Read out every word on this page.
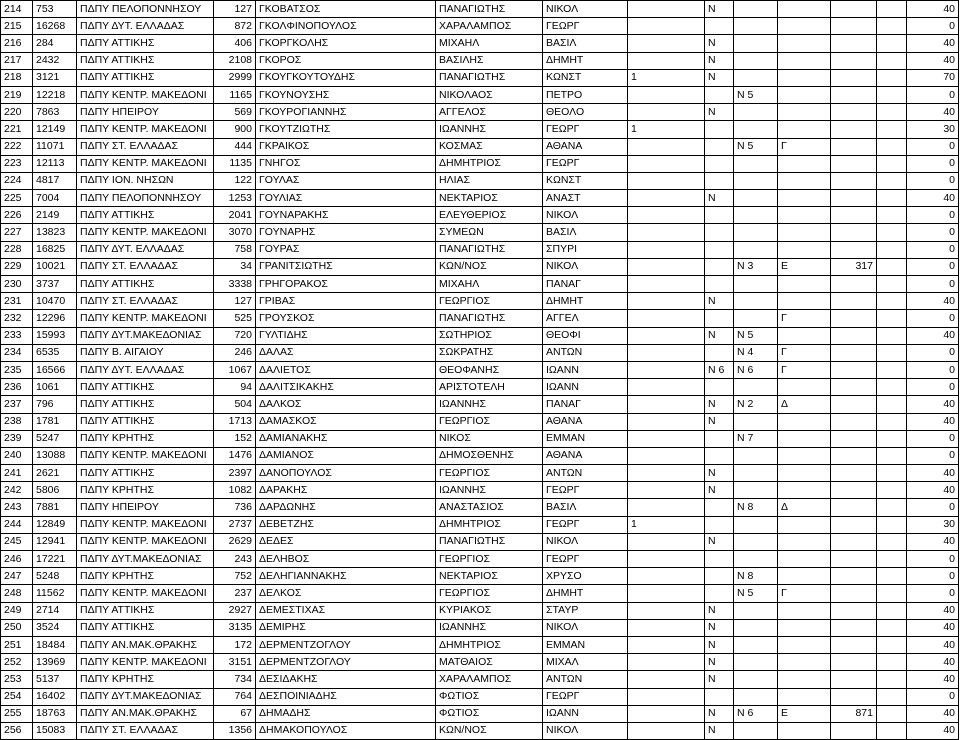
214	753	ΠΔΠΥ ΠΕΛΟΠΟΝΝΗΣΟΥ	127	ΓΚΟΒΑΤΣΟΣ	ΠΑΝΑΓΙΩΤΗΣ	ΝΙΚΟΛ		Ν					40
215	16268	ΠΔΠΥ ΔΥΤ. ΕΛΛΑΔΑΣ	872	ΓΚΟΛΦΙΝΟΠΟΥΛΟΣ	ΧΑΡΑΛΑΜΠΟΣ	ΓΕΩΡΓ							0
216	284	ΠΔΠΥ ΑΤΤΙΚΗΣ	406	ΓΚΟΡΓΚΟΛΗΣ	ΜΙΧΑΗΛ	ΒΑΣΙΛ		Ν					40
217	2432	ΠΔΠΥ ΑΤΤΙΚΗΣ	2108	ΓΚΟΡΟΣ	ΒΑΣΙΛΗΣ	ΔΗΜΗΤ		Ν					40
218	3121	ΠΔΠΥ ΑΤΤΙΚΗΣ	2999	ΓΚΟΥΓΚΟΥΤΟΥΔΗΣ	ΠΑΝΑΓΙΩΤΗΣ	ΚΩΝΣΤ	1	Ν					70
219	12218	ΠΔΠΥ ΚΕΝΤΡ. ΜΑΚΕΔΟΝΙ	1165	ΓΚΟΥΝΟΥΣΗΣ	ΝΙΚΟΛΑΟΣ	ΠΕΤΡΟ			Ν 5				0
220	7863	ΠΔΠΥ ΗΠΕΙΡΟΥ	569	ΓΚΟΥΡΟΓΙΑΝΝΗΣ	ΑΓΓΕΛΟΣ	ΘΕΟΛΟ		Ν					40
221	12149	ΠΔΠΥ ΚΕΝΤΡ. ΜΑΚΕΔΟΝΙ	900	ΓΚΟΥΤΖΙΩΤΗΣ	ΙΩΑΝΝΗΣ	ΓΕΩΡΓ	1						30
222	11071	ΠΔΠΥ ΣΤ. ΕΛΛΑΔΑΣ	444	ΓΚΡΑΙΚΟΣ	ΚΟΣΜΑΣ	ΑΘΑΝΑ			Ν 5	Γ			0
223	12113	ΠΔΠΥ ΚΕΝΤΡ. ΜΑΚΕΔΟΝΙ	1135	ΓΝΗΓΟΣ	ΔΗΜΗΤΡΙΟΣ	ΓΕΩΡΓ							0
224	4817	ΠΔΠΥ ΙΟΝ. ΝΗΣΩΝ	122	ΓΟΥΛΑΣ	ΗΛΙΑΣ	ΚΩΝΣΤ							0
225	7004	ΠΔΠΥ ΠΕΛΟΠΟΝΝΗΣΟΥ	1253	ΓΟΥΛΙΑΣ	ΝΕΚΤΑΡΙΟΣ	ΑΝΑΣΤ		Ν					40
226	2149	ΠΔΠΥ ΑΤΤΙΚΗΣ	2041	ΓΟΥΝΑΡΑΚΗΣ	ΕΛΕΥΘΕΡΙΟΣ	ΝΙΚΟΛ							0
227	13823	ΠΔΠΥ ΚΕΝΤΡ. ΜΑΚΕΔΟΝΙ	3070	ΓΟΥΝΑΡΗΣ	ΣΥΜΕΩΝ	ΒΑΣΙΛ							0
228	16825	ΠΔΠΥ ΔΥΤ. ΕΛΛΑΔΑΣ	758	ΓΟΥΡΑΣ	ΠΑΝΑΓΙΩΤΗΣ	ΣΠΥΡΙ							0
229	10021	ΠΔΠΥ ΣΤ. ΕΛΛΑΔΑΣ	34	ΓΡΑΝΙΤΣΙΩΤΗΣ	ΚΩΝ/ΝΟΣ	ΝΙΚΟΛ			Ν 3	Ε	317		0
230	3737	ΠΔΠΥ ΑΤΤΙΚΗΣ	3338	ΓΡΗΓΟΡΑΚΟΣ	ΜΙΧΑΗΛ	ΠΑΝΑΓ							0
231	10470	ΠΔΠΥ ΣΤ. ΕΛΛΑΔΑΣ	127	ΓΡΙΒΑΣ	ΓΕΩΡΓΙΟΣ	ΔΗΜΗΤ		Ν					40
232	12296	ΠΔΠΥ ΚΕΝΤΡ. ΜΑΚΕΔΟΝΙ	525	ΓΡΟΥΣΚΟΣ	ΠΑΝΑΓΙΩΤΗΣ	ΑΓΓΕΛ				Γ			0
233	15993	ΠΔΠΥ ΔΥΤ.ΜΑΚΕΔΟΝΙΑΣ	720	ΓΥΛΤΙΔΗΣ	ΣΩΤΗΡΙΟΣ	ΘΕΟΦΙ		Ν	Ν 5				40
234	6535	ΠΔΠΥ Β. ΑΙΓΑΙΟΥ	246	ΔΑΛΑΣ	ΣΩΚΡΑΤΗΣ	ΑΝΤΩΝ			Ν 4	Γ			0
235	16566	ΠΔΠΥ ΔΥΤ. ΕΛΛΑΔΑΣ	1067	ΔΑΛΙΕΤΟΣ	ΘΕΟΦΑΝΗΣ	ΙΩΑΝΝ		Ν 6	Ν 6	Γ			0
236	1061	ΠΔΠΥ ΑΤΤΙΚΗΣ	94	ΔΑΛΙΤΣΙΚΑΚΗΣ	ΑΡΙΣΤΟΤΕΛΗ	ΙΩΑΝΝ							0
237	796	ΠΔΠΥ ΑΤΤΙΚΗΣ	504	ΔΑΛΚΟΣ	ΙΩΑΝΝΗΣ	ΠΑΝΑΓ		Ν	Ν 2	Δ			40
238	1781	ΠΔΠΥ ΑΤΤΙΚΗΣ	1713	ΔΑΜΑΣΚΟΣ	ΓΕΩΡΓΙΟΣ	ΑΘΑΝΑ		Ν					40
239	5247	ΠΔΠΥ ΚΡΗΤΗΣ	152	ΔΑΜΙΑΝΑΚΗΣ	ΝΙΚΟΣ	ΕΜΜΑΝ			Ν 7				0
240	13088	ΠΔΠΥ ΚΕΝΤΡ. ΜΑΚΕΔΟΝΙ	1476	ΔΑΜΙΑΝΟΣ	ΔΗΜΟΣΘΕΝΗΣ	ΑΘΑΝΑ							0
241	2621	ΠΔΠΥ ΑΤΤΙΚΗΣ	2397	ΔΑΝΟΠΟΥΛΟΣ	ΓΕΩΡΓΙΟΣ	ΑΝΤΩΝ		Ν					40
242	5806	ΠΔΠΥ ΚΡΗΤΗΣ	1082	ΔΑΡΑΚΗΣ	ΙΩΑΝΝΗΣ	ΓΕΩΡΓ		Ν					40
243	7881	ΠΔΠΥ ΗΠΕΙΡΟΥ	736	ΔΑΡΔΩΝΗΣ	ΑΝΑΣΤΑΣΙΟΣ	ΒΑΣΙΛ			Ν 8	Δ			0
244	12849	ΠΔΠΥ ΚΕΝΤΡ. ΜΑΚΕΔΟΝΙ	2737	ΔΕΒΕΤΖΗΣ	ΔΗΜΗΤΡΙΟΣ	ΓΕΩΡΓ	1						30
245	12941	ΠΔΠΥ ΚΕΝΤΡ. ΜΑΚΕΔΟΝΙ	2629	ΔΕΔΕΣ	ΠΑΝΑΓΙΩΤΗΣ	ΝΙΚΟΛ		Ν					40
246	17221	ΠΔΠΥ ΔΥΤ.ΜΑΚΕΔΟΝΙΑΣ	243	ΔΕΛΗΒΟΣ	ΓΕΩΡΓΙΟΣ	ΓΕΩΡΓ							0
247	5248	ΠΔΠΥ ΚΡΗΤΗΣ	752	ΔΕΛΗΓΙΑΝΝΑΚΗΣ	ΝΕΚΤΑΡΙΟΣ	ΧΡΥΣΟ			Ν 8				0
248	11562	ΠΔΠΥ ΚΕΝΤΡ. ΜΑΚΕΔΟΝΙ	237	ΔΕΛΚΟΣ	ΓΕΩΡΓΙΟΣ	ΔΗΜΗΤ			Ν 5	Γ			0
249	2714	ΠΔΠΥ ΑΤΤΙΚΗΣ	2927	ΔΕΜΕΣΤΙΧΑΣ	ΚΥΡΙΑΚΟΣ	ΣΤΑΥΡ		Ν					40
250	3524	ΠΔΠΥ ΑΤΤΙΚΗΣ	3135	ΔΕΜΙΡΗΣ	ΙΩΑΝΝΗΣ	ΝΙΚΟΛ		Ν					40
251	18484	ΠΔΠΥ ΑΝ.ΜΑΚ.ΘΡΑΚΗΣ	172	ΔΕΡΜΕΝΤΖΟΓΛΟΥ	ΔΗΜΗΤΡΙΟΣ	ΕΜΜΑΝ		Ν					40
252	13969	ΠΔΠΥ ΚΕΝΤΡ. ΜΑΚΕΔΟΝΙ	3151	ΔΕΡΜΕΝΤΖΟΓΛΟΥ	ΜΑΤΘΑΙΟΣ	ΜΙΧΑΛ		Ν					40
253	5137	ΠΔΠΥ ΚΡΗΤΗΣ	734	ΔΕΣΙΔΑΚΗΣ	ΧΑΡΑΛΑΜΠΟΣ	ΑΝΤΩΝ		Ν					40
254	16402	ΠΔΠΥ ΔΥΤ.ΜΑΚΕΔΟΝΙΑΣ	764	ΔΕΣΠΟΙΝΙΑΔΗΣ	ΦΩΤΙΟΣ	ΓΕΩΡΓ							0
255	18763	ΠΔΠΥ ΑΝ.ΜΑΚ.ΘΡΑΚΗΣ	67	ΔΗΜΑΔΗΣ	ΦΩΤΙΟΣ	ΙΩΑΝΝ		Ν	Ν 6	Ε	871		40
256	15083	ΠΔΠΥ ΣΤ. ΕΛΛΑΔΑΣ	1356	ΔΗΜΑΚΟΠΟΥΛΟΣ	ΚΩΝ/ΝΟΣ	ΝΙΚΟΛ		Ν					40
